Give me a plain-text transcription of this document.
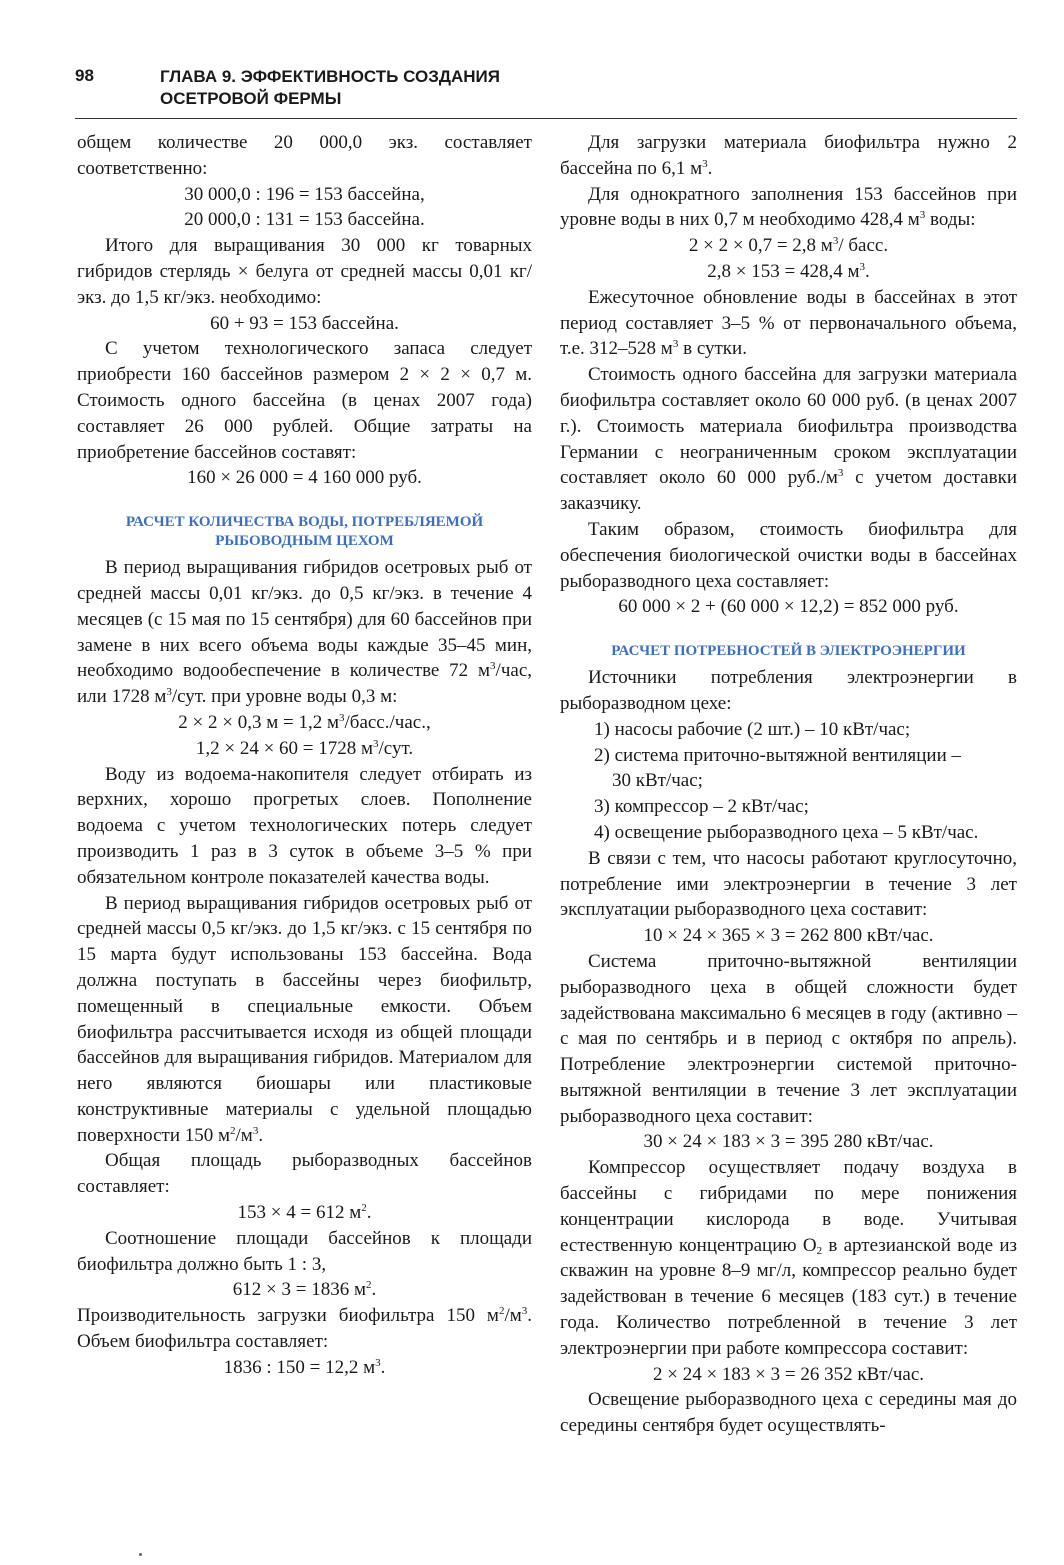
98	ГЛАВА 9. ЭФФЕКТИВНОСТЬ СОЗДАНИЯ
ОСЕТРОВОЙ ФЕРМЫ

общем количестве 20 000,0 экз. составляет соответственно:

30 000,0 : 196 = 153 бассейна,
20 000,0 : 131 = 153 бассейна.

Итого для выращивания 30 000 кг товарных гибридов стерлядь × белуга от средней массы 0,01 кг/экз. до 1,5 кг/экз. необходимо:

60 + 93 = 153 бассейна.

С учетом технологического запаса следует приобрести 160 бассейнов размером 2 × 2 × 0,7 м. Стоимость одного бассейна (в ценах 2007 года) составляет 26 000 рублей. Общие затраты на приобретение бассейнов составят:

160 × 26 000 = 4 160 000 руб.
РАСЧЕТ КОЛИЧЕСТВА ВОДЫ, ПОТРЕБЛЯЕМОЙ
РЫБОВОДНЫМ ЦЕХОМ

В период выращивания гибридов осетровых рыб от средней массы 0,01 кг/экз. до 0,5 кг/экз. в течение 4 месяцев (с 15 мая по 15 сентября) для 60 бассейнов при замене в них всего объема воды каждые 35–45 мин, необходимо водообеспечение в количестве 72 $м^3$/час, или 1728 $м^3$/сут. при уровне воды 0,3 м:

2 × 2 × 0,3 м = 1,2 $м^3/басс$./час.,
1,2 × 24 × 60 = 1728 $м^3$/сут.

Воду из водоема-накопителя следует отбирать из верхних, хорошо прогретых слоев. Пополнение водоема с учетом технологических потерь следует производить 1 раз в 3 суток в объеме 3–5 % при обязательном контроле показателей качества воды.

В период выращивания гибридов осетровых рыб от средней массы 0,5 кг/экз. до 1,5 кг/экз. с 15 сентября по 15 марта будут использованы 153 бассейна. Вода должна поступать в бассейны через биофильтр, помещенный в специальные емкости. Объем биофильтра рассчитывается исходя из общей площади бассейнов для выращивания гибридов. Материалом для него являются биошары или пластиковые конструктивные материалы с удельной площадью поверхности 150 $м^2/м^3$.

Общая площадь рыборазводных бассейнов составляет:

153 × 4 = 612 $м^2$.

Соотношение площади бассейнов к площади биофильтра должно быть 1 : 3,

612 × 3 = 1836 $м^2$.

Производительность загрузки биофильтра 150 $м^2/м^3$. Объем биофильтра составляет:

1836 : 150 = 12,2 $м^3$.

Для загрузки материала биофильтра нужно 2 бассейна по 6,1 $м^3$.

Для однократного заполнения 153 бассейнов при уровне воды в них 0,7 м необходимо 428,4 $м^3$ воды:

2 × 2 × 0,7 = 2,8 $м^3/$ басс.
2,8 × 153 = 428,4 $м^3$.

Ежесуточное обновление воды в бассейнах в этот период составляет 3–5 % от первоначального объема, т.е. 312–528 $м^3$ в сутки.

Стоимость одного бассейна для загрузки материала биофильтра составляет около 60 000 руб. (в ценах 2007 г.). Стоимость материала биофильтра производства Германии с неограниченным сроком эксплуатации составляет около 60 000 $руб./м^3$ с учетом доставки заказчику.

Таким образом, стоимость биофильтра для обеспечения биологической очистки воды в бассейнах рыборазводного цеха составляет:

60 000 × 2 + (60 000 × 12,2) = 852 000 руб.
РАСЧЕТ ПОТРЕБНОСТЕЙ В ЭЛЕКТРОЭНЕРГИИ

Источники потребления электроэнергии в рыборазводном цехе:

1) насосы рабочие (2 шт.) – 10 кВт/час;
2) система приточно-вытяжной вентиляции –
30 кВт/час;
3) компрессор – 2 кВт/час;
4) освещение рыборазводного цеха – 5 кВт/час.

В связи с тем, что насосы работают круглосуточно, потребление ими электроэнергии в течение 3 лет эксплуатации рыборазводного цеха составит:

10 × 24 × 365 × 3 = 262 800 кВт/час.

Система приточно-вытяжной вентиляции рыборазводного цеха в общей сложности будет задействована максимально 6 месяцев в году (активно – с мая по сентябрь и в период с октября по апрель). Потребление электроэнергии системой приточно-вытяжной вентиляции в течение 3 лет эксплуатации рыборазводного цеха составит:

30 × 24 × 183 × 3 = 395 280 кВт/час.

Компрессор осуществляет подачу воздуха в бассейны с гибридами по мере понижения концентрации кислорода в воде. Учитывая естественную концентрацию $O_2$ в артезианской воде из скважин на уровне 8–9 мг/л, компрессор реально будет задействован в течение 6 месяцев (183 сут.) в течение года. Количество потребленной в течение 3 лет электроэнергии при работе компрессора составит:

2 × 24 × 183 × 3 = 26 352 кВт/час.

Освещение рыборазводного цеха с середины мая до середины сентября будет осуществлять-
